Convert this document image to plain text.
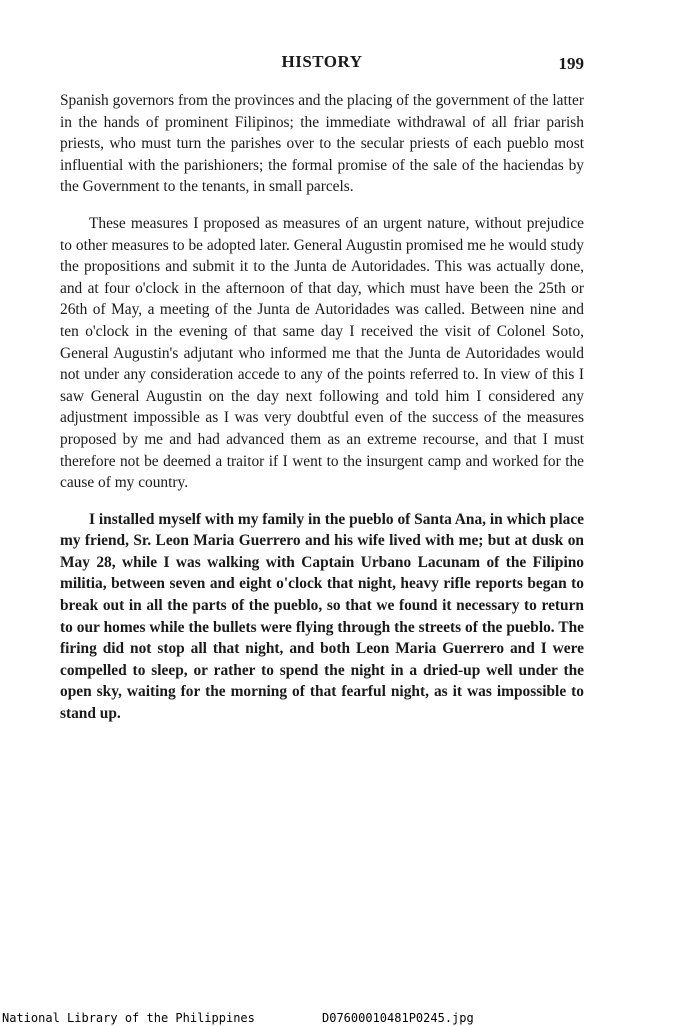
HISTORY	199

Spanish governors from the provinces and the placing of the government of the latter in the hands of prominent Filipinos; the immediate withdrawal of all friar parish priests, who must turn the parishes over to the secular priests of each pueblo most influential with the parishioners; the formal promise of the sale of the haciendas by the Government to the tenants, in small parcels.

These measures I proposed as measures of an urgent nature, without prejudice to other measures to be adopted later. General Augustin promised me he would study the propositions and submit it to the Junta de Autoridades. This was actually done, and at four o'clock in the afternoon of that day, which must have been the 25th or 26th of May, a meeting of the Junta de Autoridades was called. Between nine and ten o'clock in the evening of that same day I received the visit of Colonel Soto, General Augustin's adjutant who informed me that the Junta de Autoridades would not under any consideration accede to any of the points referred to. In view of this I saw General Augustin on the day next following and told him I considered any adjustment impossible as I was very doubtful even of the success of the measures proposed by me and had advanced them as an extreme recourse, and that I must therefore not be deemed a traitor if I went to the insurgent camp and worked for the cause of my country.

I installed myself with my family in the pueblo of Santa Ana, in which place my friend, Sr. Leon Maria Guerrero and his wife lived with me; but at dusk on May 28, while I was walking with Captain Urbano Lacunam of the Filipino militia, between seven and eight o'clock that night, heavy rifle reports began to break out in all the parts of the pueblo, so that we found it necessary to return to our homes while the bullets were flying through the streets of the pueblo. The firing did not stop all that night, and both Leon Maria Guerrero and I were compelled to sleep, or rather to spend the night in a dried-up well under the open sky, waiting for the morning of that fearful night, as it was impossible to stand up.

National Library of the Philippines	D07600010481P0245.jpg
